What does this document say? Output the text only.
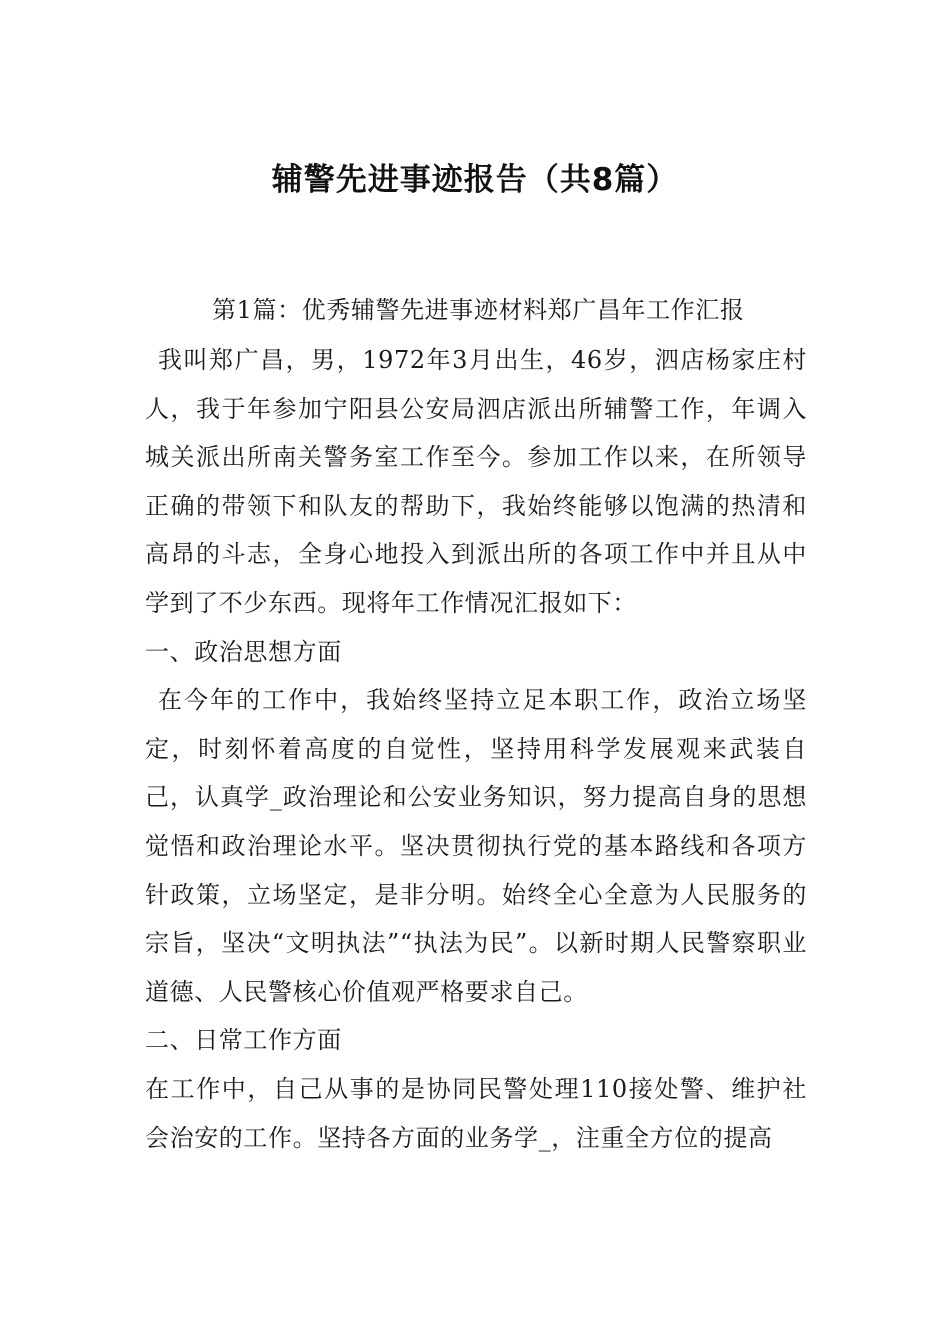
辅警先进事迹报告（共8篇）
第1篇：优秀辅警先进事迹材料郑广昌年工作汇报

我叫郑广昌，男，1972年3月出生，46岁，泗店杨家庄村人，我于年参加宁阳县公安局泗店派出所辅警工作，年调入城关派出所南关警务室工作至今。参加工作以来，在所领导正确的带领下和队友的帮助下，我始终能够以饱满的热清和高昂的斗志，全身心地投入到派出所的各项工作中并且从中学到了不少东西。现将年工作情况汇报如下：

一、政治思想方面

在今年的工作中，我始终坚持立足本职工作，政治立场坚定，时刻怀着高度的自觉性，坚持用科学发展观来武装自己，认真学_政治理论和公安业务知识，努力提高自身的思想觉悟和政治理论水平。坚决贯彻执行党的基本路线和各项方针政策，立场坚定，是非分明。始终全心全意为人民服务的宗旨，坚决“文明执法”“执法为民”。以新时期人民警察职业道德、人民警核心价值观严格要求自己。

二、日常工作方面

在工作中，自己从事的是协同民警处理110接处警、维护社会治安的工作。坚持各方面的业务学_，注重全方位的提高
